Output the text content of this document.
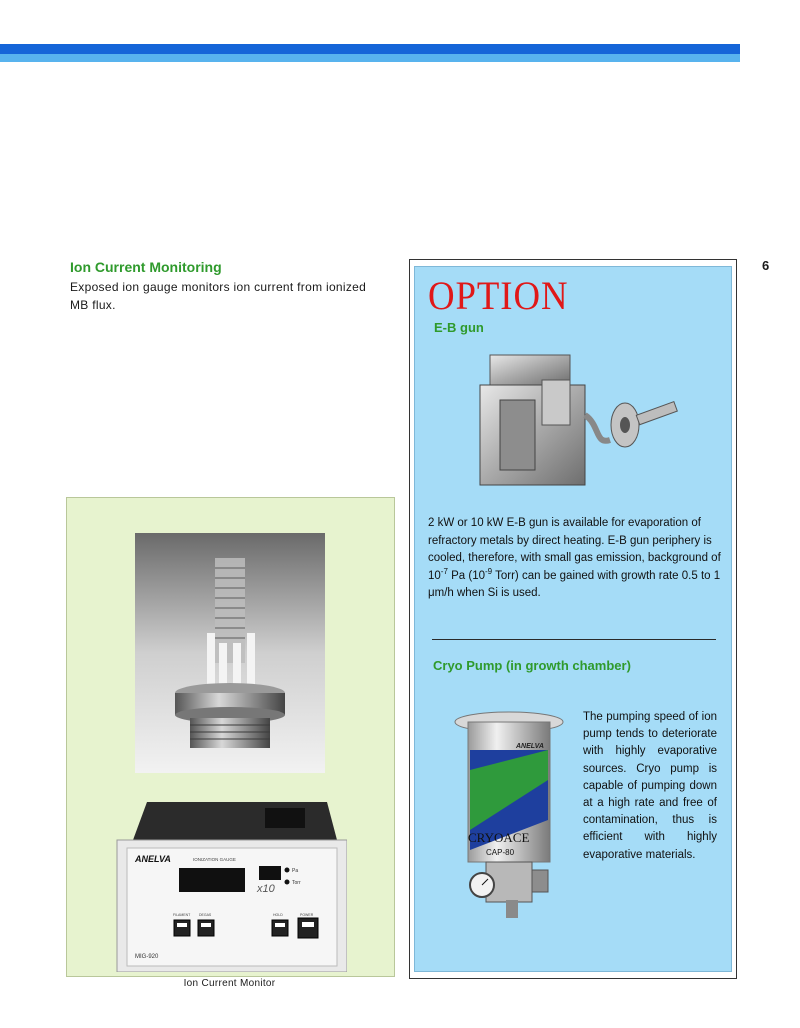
6
Ion Current Monitoring
Exposed ion gauge monitors ion current from ionized MB flux.
ANELVA	IONIZATION GAUGE
x10
Pa
Torr
FILAMENT DEGAS	HOLD	POWER
MIG-920
Ion Current Monitor
OPTION
E-B gun
2 kW or 10 kW E-B gun is available for evaporation of refractory metals by direct heating. E-B gun periphery is cooled, therefore, with small gas emission, background of $10^{-7}$ Pa ($10^{-9}$ Torr) can be gained with growth rate 0.5 to 1 μm/h when Si is used.
Cryo Pump (in growth chamber)
ANELVA
CRYOACE
CAP-80
The pumping speed of ion pump tends to deteriorate with highly evaporative sources. Cryo pump is capable of pumping down at a high rate and free of contamination, thus is efficient with highly evaporative materials.
